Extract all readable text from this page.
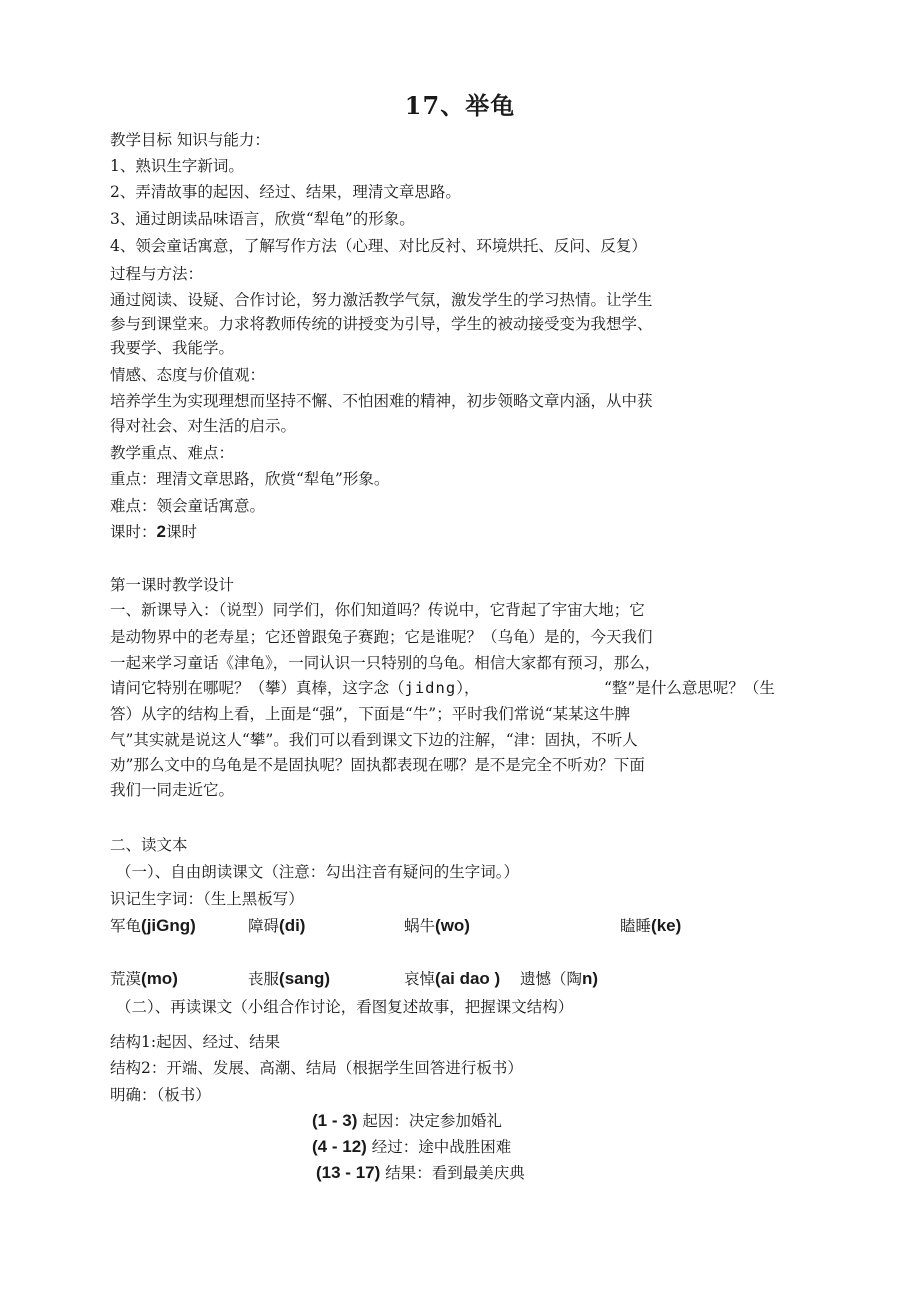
17、举龟
教学目标 知识与能力：
1、熟识生字新词。
2、弄清故事的起因、经过、结果，理清文章思路。
3、通过朗读品味语言，欣赏“犁龟”的形象。
4、领会童话寓意，了解写作方法（心理、对比反衬、环境烘托、反问、反复）
过程与方法：
通过阅读、设疑、合作讨论，努力激活教学气氛，激发学生的学习热情。让学生
参与到课堂来。力求将教师传统的讲授变为引导，学生的被动接受变为我想学、
我要学、我能学。
情感、态度与价值观：
培养学生为实现理想而坚持不懈、不怕困难的精神，初步领略文章内涵，从中获
得对社会、对生活的启示。
教学重点、难点：
重点：理清文章思路，欣赏“犁龟”形象。
难点：领会童话寓意。
课时：2课时
第一课时教学设计
一、新课导入：（说型）同学们，你们知道吗？传说中，它背起了宇宙大地；它
是动物界中的老寿星；它还曾跟兔子赛跑；它是谁呢？（乌龟）是的，今天我们
一起来学习童话《津龟》，一同认识一只特别的乌龟。相信大家都有预习，那么，
请问它特别在哪呢？（攀）真棒，这字念（jidng），	“整”是什么意思呢？（生
答）从字的结构上看，上面是“强”，下面是“牛”；平时我们常说“某某这牛脾
气”其实就是说这人“攀”。我们可以看到课文下边的注解，“津：固执，不听人
劝”那么文中的乌龟是不是固执呢？固执都表现在哪？是不是完全不听劝？下面
我们一同走近它。
二、读文本
（一）、自由朗读课文（注意：勾出注音有疑问的生字词。）
识记生字词：（生上黑板写）
军龟(jiGng)	障碍(di)	蜗牛(wo)	瞌睡(ke)
荒漠(mo)	丧服(sang)	哀悼(ai dao ) 遗憾（陶n)
（二）、再读课文（小组合作讨论，看图复述故事，把握课文结构）
结构1:起因、经过、结果
结构2：开端、发展、高潮、结局（根据学生回答进行板书）
明确：（板书）
(1 - 3) 起因：决定参加婚礼
(4 - 12) 经过：途中战胜困难
(13 - 17) 结果：看到最美庆典
